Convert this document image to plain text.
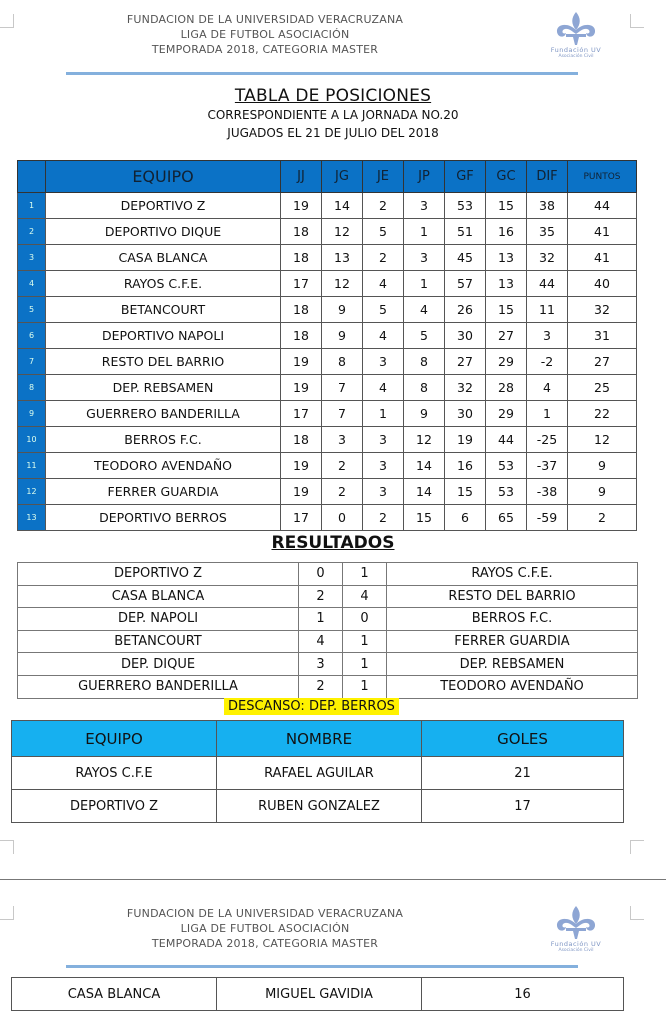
FUNDACION DE LA UNIVERSIDAD VERACRUZANA
LIGA DE FUTBOL ASOCIACIÓN
TEMPORADA 2018, CATEGORIA MASTER	Fundación UV
Asociación Civil
TABLA DE POSICIONES
CORRESPONDIENTE A LA JORNADA NO.20
JUGADOS EL 21 DE JULIO DEL 2018
	EQUIPO	JJ	JG	JE	JP	GF	GC	DIF	PUNTOS
1	DEPORTIVO Z	19	14	2	3	53	15	38	44
2	DEPORTIVO DIQUE	18	12	5	1	51	16	35	41
3	CASA BLANCA	18	13	2	3	45	13	32	41
4	RAYOS C.F.E.	17	12	4	1	57	13	44	40
5	BETANCOURT	18	9	5	4	26	15	11	32
6	DEPORTIVO NAPOLI	18	9	4	5	30	27	3	31
7	RESTO DEL BARRIO	19	8	3	8	27	29	-2	27
8	DEP. REBSAMEN	19	7	4	8	32	28	4	25
9	GUERRERO BANDERILLA	17	7	1	9	30	29	1	22
10	BERROS F.C.	18	3	3	12	19	44	-25	12
11	TEODORO AVENDAÑO	19	2	3	14	16	53	-37	9
12	FERRER GUARDIA	19	2	3	14	15	53	-38	9
13	DEPORTIVO BERROS	17	0	2	15	6	65	-59	2
RESULTADOS
DEPORTIVO Z	0	1	RAYOS C.F.E.
CASA BLANCA	2	4	RESTO DEL BARRIO
DEP. NAPOLI	1	0	BERROS F.C.
BETANCOURT	4	1	FERRER GUARDIA
DEP. DIQUE	3	1	DEP. REBSAMEN
GUERRERO BANDERILLA	2	1	TEODORO AVENDAÑO
DESCANSO: DEP. BERROS
EQUIPO	NOMBRE	GOLES
RAYOS C.F.E	RAFAEL AGUILAR	21
DEPORTIVO Z	RUBEN GONZALEZ	17
FUNDACION DE LA UNIVERSIDAD VERACRUZANA
LIGA DE FUTBOL ASOCIACIÓN
TEMPORADA 2018, CATEGORIA MASTER	Fundación UV
Asociación Civil
CASA BLANCA	MIGUEL GAVIDIA	16
